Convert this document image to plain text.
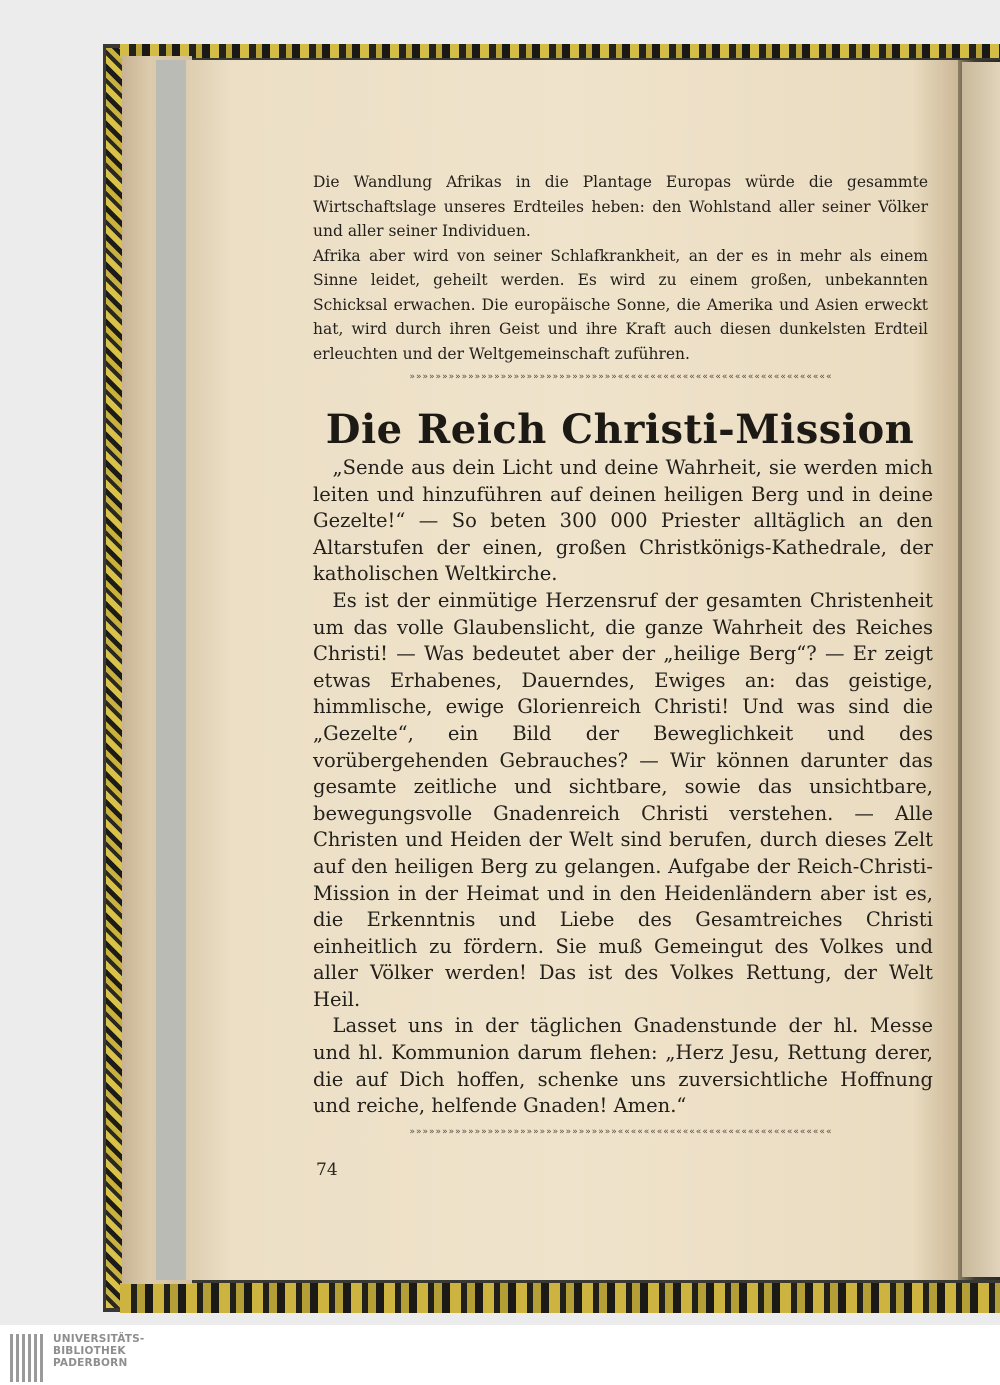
Die Wandlung Afrikas in die Plantage Europas würde die gesammte Wirtschaftslage unseres Erdteiles heben: den Wohlstand aller seiner Völker und aller seiner Individuen.

Afrika aber wird von seiner Schlafkrankheit, an der es in mehr als einem Sinne leidet, geheilt werden. Es wird zu einem großen, unbekannten Schicksal erwachen. Die europäische Sonne, die Amerika und Asien erweckt hat, wird durch ihren Geist und ihre Kraft auch diesen dunkelsten Erdteil erleuchten und der Weltgemeinschaft zuführen.

»»»»»»»»»»»»»»»»»»»»»»»»»»»»»»»»«««««««««««««««««««««««««««««««««
Die Reich Christi-Mission

„Sende aus dein Licht und deine Wahrheit, sie werden mich leiten und hinzuführen auf deinen heiligen Berg und in deine Gezelte!“ — So beten 300 000 Priester alltäglich an den Altarstufen der einen, großen Christkönigs-Kathedrale, der katholischen Weltkirche.

Es ist der einmütige Herzensruf der gesamten Christenheit um das volle Glaubenslicht, die ganze Wahrheit des Reiches Christi! — Was bedeutet aber der „heilige Berg“? — Er zeigt etwas Erhabenes, Dauerndes, Ewiges an: das geistige, himmlische, ewige Glorienreich Christi! Und was sind die „Gezelte“, ein Bild der Beweglichkeit und des vorübergehenden Gebrauches? — Wir können darunter das gesamte zeitliche und sichtbare, sowie das unsichtbare, bewegungsvolle Gnadenreich Christi verstehen. — Alle Christen und Heiden der Welt sind berufen, durch dieses Zelt auf den heiligen Berg zu gelangen. Aufgabe der Reich-Christi-Mission in der Heimat und in den Heidenländern aber ist es, die Erkenntnis und Liebe des Gesamtreiches Christi einheitlich zu fördern. Sie muß Gemeingut des Volkes und aller Völker werden! Das ist des Volkes Rettung, der Welt Heil.

Lasset uns in der täglichen Gnadenstunde der hl. Messe und hl. Kommunion darum flehen: „Herz Jesu, Rettung derer, die auf Dich hoffen, schenke uns zuversichtliche Hoffnung und reiche, helfende Gnaden! Amen.“

»»»»»»»»»»»»»»»»»»»»»»»»»»»»»»»»«««««««««««««««««««««««««««««««««
74
UNIVERSITÄTS-
BIBLIOTHEK
PADERBORN
